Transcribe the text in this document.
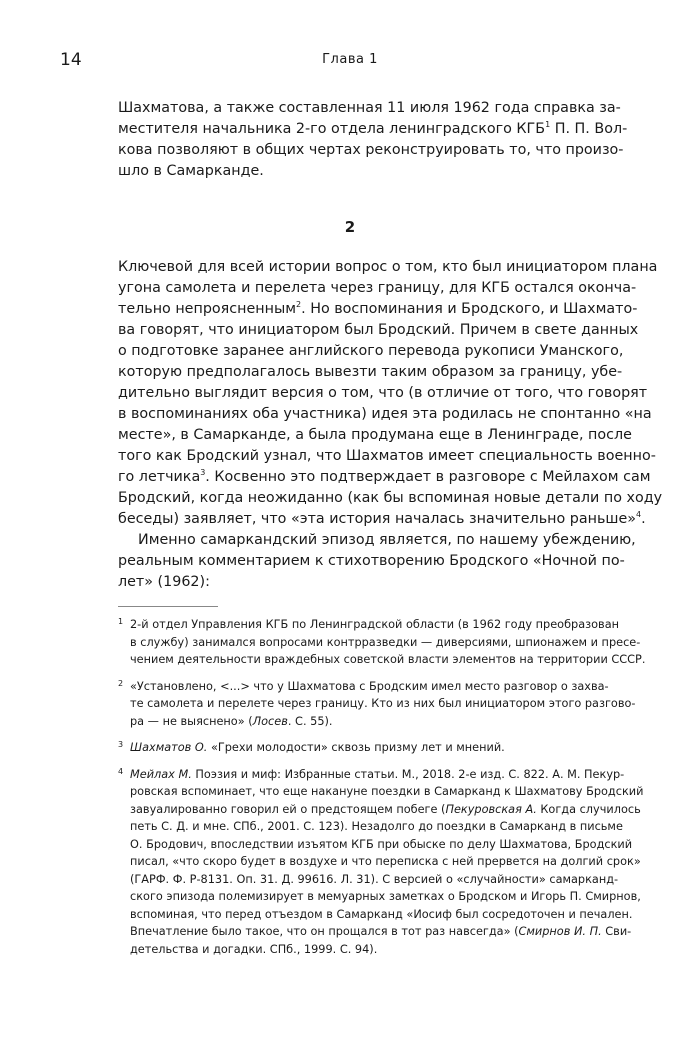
14	Глава 1
Шахматова, а также составленная 11 июля 1962 года справка за-
местителя начальника 2-го отдела ленинградского КГБ$^1$ П. П. Вол-
кова позволяют в общих чертах реконструировать то, что произо-
шло в Самарканде.
2
Ключевой для всей истории вопрос о том, кто был инициатором плана
угона самолета и перелета через границу, для КГБ остался оконча-
тельно непроясненным$^2$. Но воспоминания и Бродского, и Шахмато-
ва говорят, что инициатором был Бродский. Причем в свете данных
о подготовке заранее английского перевода рукописи Уманского,
которую предполагалось вывезти таким образом за границу, убе-
дительно выглядит версия о том, что (в отличие от того, что говорят
в воспоминаниях оба участника) идея эта родилась не спонтанно «на
месте», в Самарканде, а была продумана еще в Ленинграде, после
того как Бродский узнал, что Шахматов имеет специальность военно-
го летчика$^3$. Косвенно это подтверждает в разговоре с Мейлахом сам
Бродский, когда неожиданно (как бы вспоминая новые детали по ходу
беседы) заявляет, что «эта история началась значительно раньше»$^4$.
Именно самаркандский эпизод является, по нашему убеждению,
реальным комментарием к стихотворению Бродского «Ночной по-
лет» (1962):
1 2-й отдел Управления КГБ по Ленинградской области (в 1962 году преобразован
в службу) занимался вопросами контрразведки — диверсиями, шпионажем и пресе-
чением деятельности враждебных советской власти элементов на территории СССР.
2 «Установлено, <...> что у Шахматова с Бродским имел место разговор о захва-
те самолета и перелете через границу. Кто из них был инициатором этого разгово-
ра — не выяснено» (Лосев. С. 55).
3 Шахматов О. «Грехи молодости» сквозь призму лет и мнений.
4 Мейлах М. Поэзия и миф: Избранные статьи. М., 2018. 2-е изд. С. 822. А. М. Пекур-
ровская вспоминает, что еще накануне поездки в Самарканд к Шахматову Бродский
завуалированно говорил ей о предстоящем побеге (Пекуровская А. Когда случилось
петь С. Д. и мне. СПб., 2001. С. 123). Незадолго до поездки в Самарканд в письме
О. Бродович, впоследствии изъятом КГБ при обыске по делу Шахматова, Бродский
писал, «что скоро будет в воздухе и что переписка с ней прервется на долгий срок»
(ГАРФ. Ф. Р-8131. Оп. 31. Д. 99616. Л. 31). С версией о «случайности» самарканд-
ского эпизода полемизирует в мемуарных заметках о Бродском и Игорь П. Смирнов,
вспоминая, что перед отъездом в Самарканд «Иосиф был сосредоточен и печален.
Впечатление было такое, что он прощался в тот раз навсегда» (Смирнов И. П. Сви-
детельства и догадки. СПб., 1999. С. 94).
